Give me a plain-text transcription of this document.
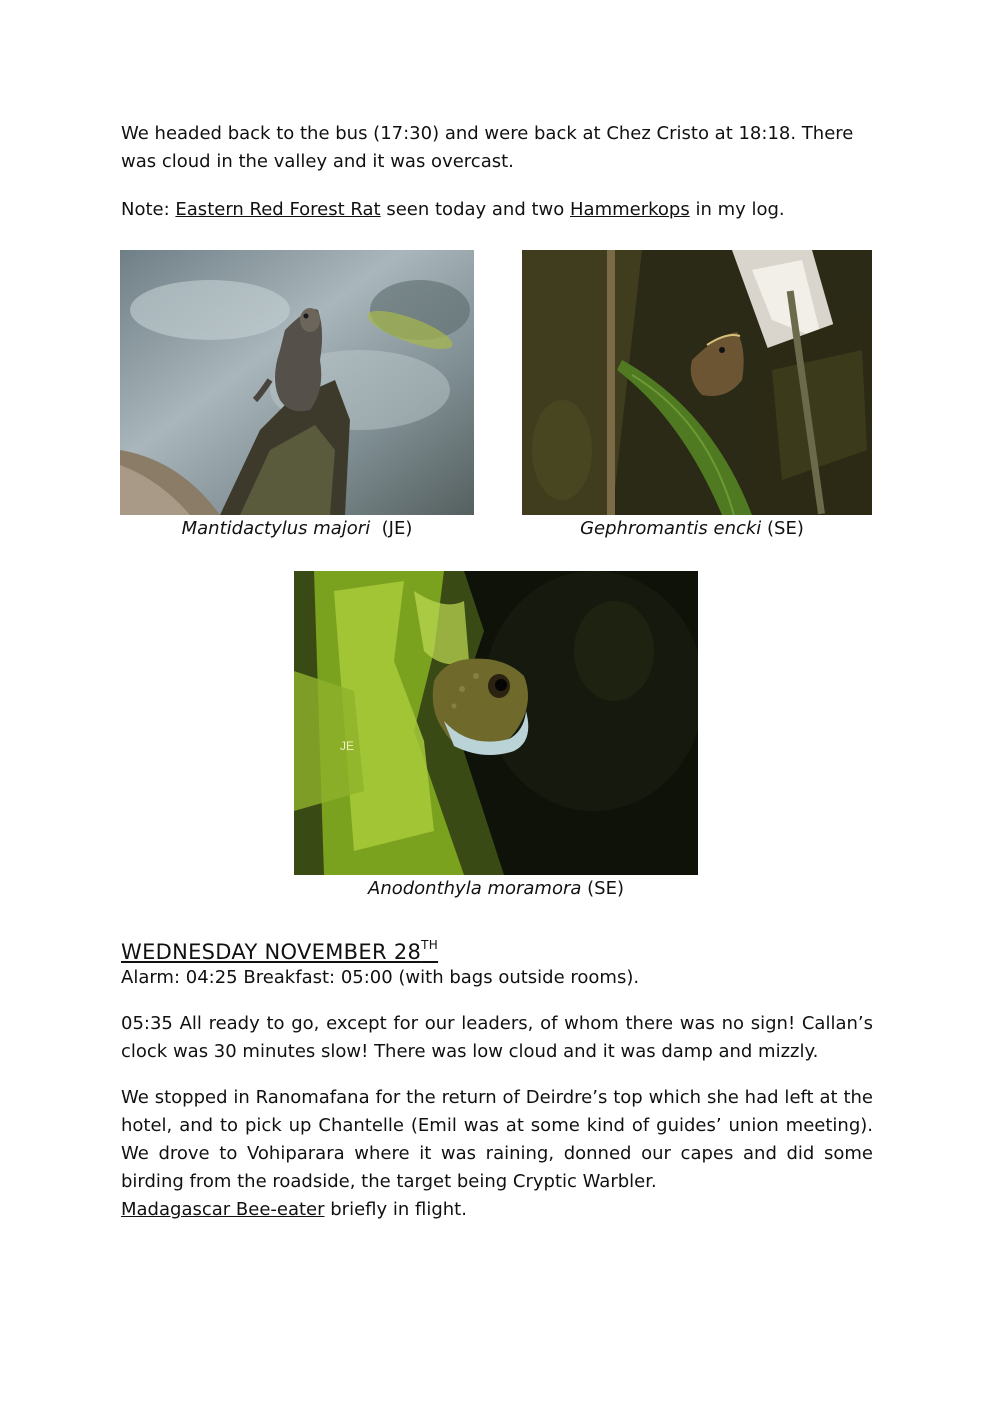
We headed back to the bus (17:30) and were back at Chez Cristo at 18:18. There was cloud in the valley and it was overcast.

Note: Eastern Red Forest Rat seen today and two Hammerkops in my log.

Mantidactylus majori  (JE)	Gephromantis encki (SE)

JE

Anodonthyla moramora (SE)

WEDNESDAY NOVEMBER 28TH

Alarm: 04:25 Breakfast: 05:00 (with bags outside rooms).

05:35 All ready to go, except for our leaders, of whom there was no sign! Callan’s clock was 30 minutes slow! There was low cloud and it was damp and mizzly.

We stopped in Ranomafana for the return of Deirdre’s top which she had left at the hotel, and to pick up Chantelle (Emil was at some kind of guides’ union meeting). We drove to Vohiparara where it was raining, donned our capes and did some birding from the roadside, the target being Cryptic Warbler.

Madagascar Bee-eater briefly in flight.
